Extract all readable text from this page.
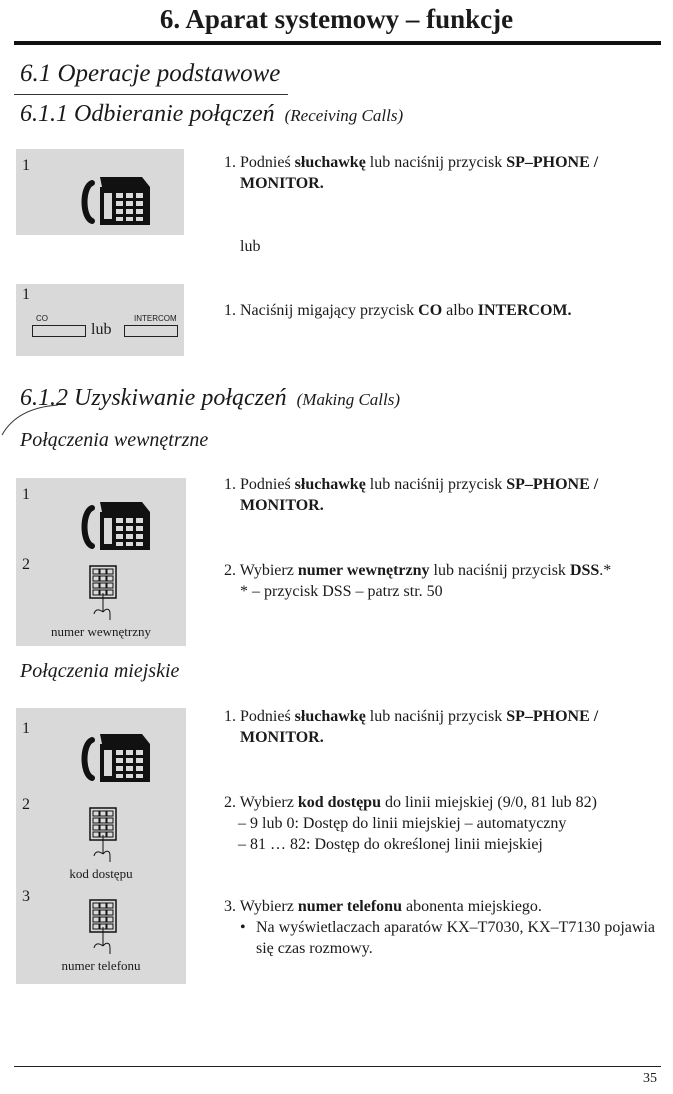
6. Aparat systemowy – funkcje
6.1 Operacje podstawowe
6.1.1 Odbieranie połączeń (Receiving Calls)
1	1. Podnieś słuchawkę lub naciśnij przycisk SP–PHONE / MONITOR.
lub
1
CO	INTERCOM
lub
1. Naciśnij migający przycisk CO albo INTERCOM.
6.1.2 Uzyskiwanie połączeń (Making Calls)
Połączenia wewnętrzne
1
2
numer wewnętrzny
1. Podnieś słuchawkę lub naciśnij przycisk SP–PHONE / MONITOR.
2. Wybierz numer wewnętrzny lub naciśnij przycisk DSS.*
* – przycisk DSS – patrz str. 50
Połączenia miejskie
1
2
kod dostępu
3
numer telefonu
1. Podnieś słuchawkę lub naciśnij przycisk SP–PHONE / MONITOR.
2. Wybierz kod dostępu do linii miejskiej (9/0, 81 lub 82)
– 9 lub 0: Dostęp do linii miejskiej – automatyczny
– 81 … 82: Dostęp do określonej linii miejskiej
3. Wybierz numer telefonu abonenta miejskiego.
• Na wyświetlaczach aparatów KX–T7030, KX–T7130 pojawia się czas rozmowy.
35
